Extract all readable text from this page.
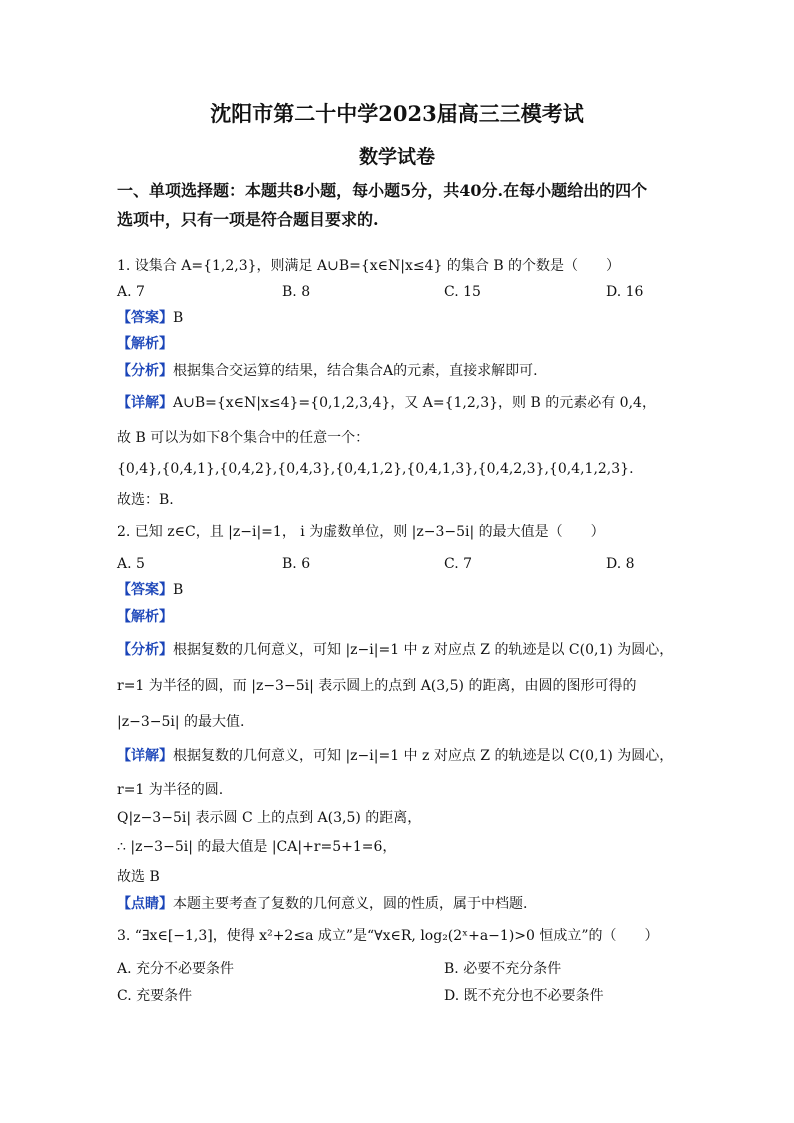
沈阳市第二十中学2023届高三三模考试
数学试卷
一、单项选择题：本题共8小题，每小题5分，共40分.在每小题给出的四个
选项中，只有一项是符合题目要求的.
1. 设集合 A={1,2,3}，则满足 A∪B={x∈N|x≤4} 的集合 B 的个数是（　　）
A. 7	B. 8	C. 15	D. 16
【答案】B
【解析】
【分析】根据集合交运算的结果，结合集合A的元素，直接求解即可.
【详解】A∪B={x∈N|x≤4}={0,1,2,3,4}，又 A={1,2,3}，则 B 的元素必有 0,4，
故 B 可以为如下8个集合中的任意一个：
{0,4},{0,4,1},{0,4,2},{0,4,3},{0,4,1,2},{0,4,1,3},{0,4,2,3},{0,4,1,2,3}.
故选：B.
2. 已知 z∈C，且 |z−i|=1， i 为虚数单位，则 |z−3−5i| 的最大值是（　　）
A. 5	B. 6	C. 7	D. 8
【答案】B
【解析】
【分析】根据复数的几何意义，可知 |z−i|=1 中 z 对应点 Z 的轨迹是以 C(0,1) 为圆心，
r=1 为半径的圆，而 |z−3−5i| 表示圆上的点到 A(3,5) 的距离，由圆的图形可得的
|z−3−5i| 的最大值.
【详解】根据复数的几何意义，可知 |z−i|=1 中 z 对应点 Z 的轨迹是以 C(0,1) 为圆心，
r=1 为半径的圆.
Q|z−3−5i| 表示圆 C 上的点到 A(3,5) 的距离，
∴ |z−3−5i| 的最大值是 |CA|+r=5+1=6，
故选 B
【点睛】本题主要考查了复数的几何意义，圆的性质，属于中档题.
3. “∃x∈[−1,3]，使得 x²+2≤a 成立”是“∀x∈R, log₂(2ˣ+a−1)>0 恒成立”的（　　）
A. 充分不必要条件	B. 必要不充分条件
C. 充要条件	D. 既不充分也不必要条件
